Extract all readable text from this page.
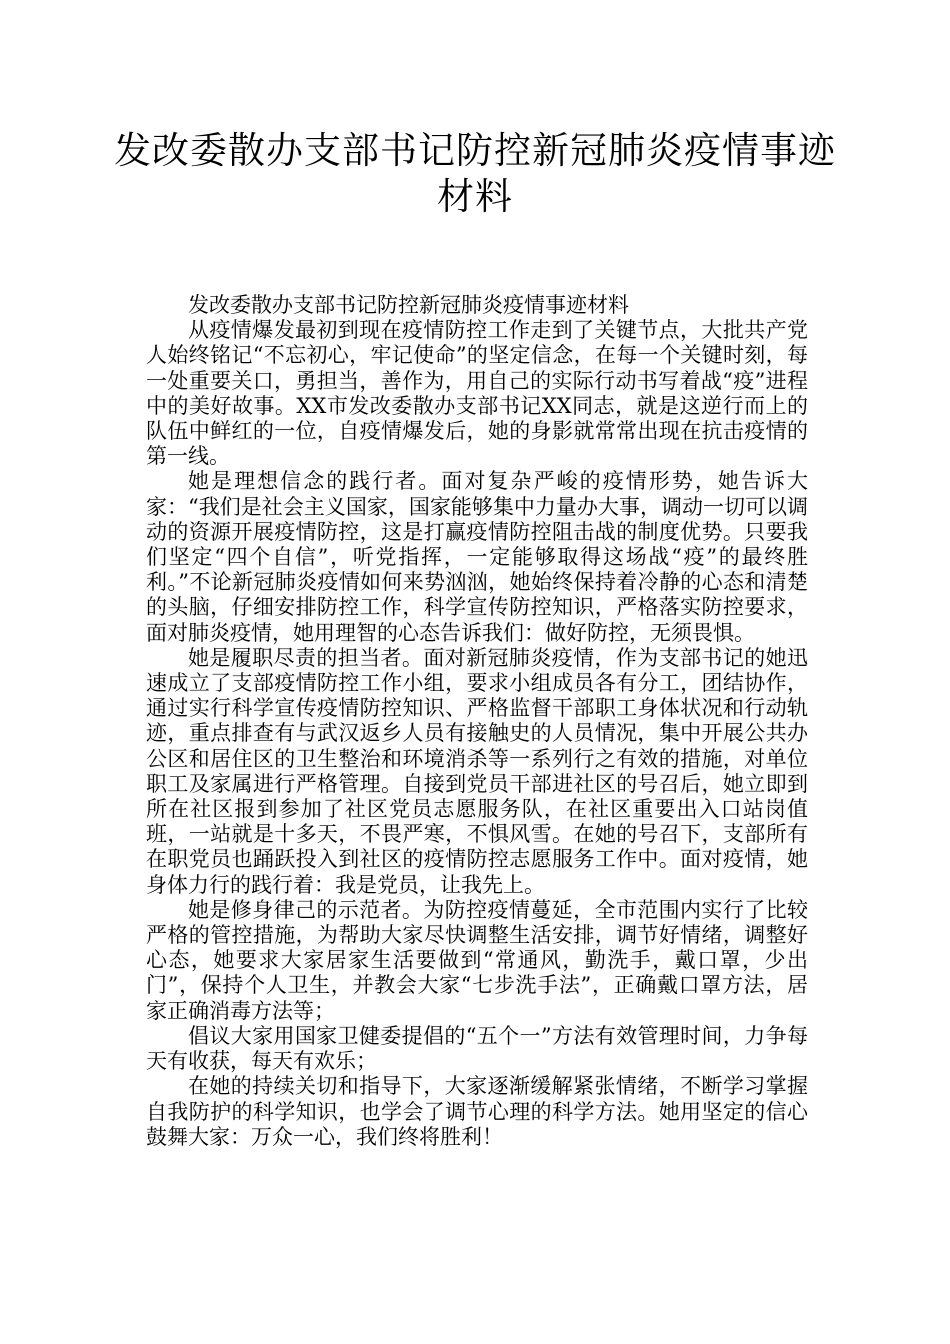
发改委散办支部书记防控新冠肺炎疫情事迹材料

发改委散办支部书记防控新冠肺炎疫情事迹材料

从疫情爆发最初到现在疫情防控工作走到了关键节点，大批共产党人始终铭记“不忘初心，牢记使命”的坚定信念，在每一个关键时刻，每一处重要关口，勇担当，善作为，用自己的实际行动书写着战“疫”进程中的美好故事。XX市发改委散办支部书记XX同志，就是这逆行而上的队伍中鲜红的一位，自疫情爆发后，她的身影就常常出现在抗击疫情的第一线。

她是理想信念的践行者。面对复杂严峻的疫情形势，她告诉大家：“我们是社会主义国家，国家能够集中力量办大事，调动一切可以调动的资源开展疫情防控，这是打赢疫情防控阻击战的制度优势。只要我们坚定“四个自信”，听党指挥，一定能够取得这场战“疫”的最终胜利。”不论新冠肺炎疫情如何来势汹汹，她始终保持着冷静的心态和清楚的头脑，仔细安排防控工作，科学宣传防控知识，严格落实防控要求，面对肺炎疫情，她用理智的心态告诉我们：做好防控，无须畏惧。

她是履职尽责的担当者。面对新冠肺炎疫情，作为支部书记的她迅速成立了支部疫情防控工作小组，要求小组成员各有分工，团结协作，通过实行科学宣传疫情防控知识、严格监督干部职工身体状况和行动轨迹，重点排查有与武汉返乡人员有接触史的人员情况，集中开展公共办公区和居住区的卫生整治和环境消杀等一系列行之有效的措施，对单位职工及家属进行严格管理。自接到党员干部进社区的号召后，她立即到所在社区报到参加了社区党员志愿服务队，在社区重要出入口站岗值班，一站就是十多天，不畏严寒，不惧风雪。在她的号召下，支部所有在职党员也踊跃投入到社区的疫情防控志愿服务工作中。面对疫情，她身体力行的践行着：我是党员，让我先上。

她是修身律己的示范者。为防控疫情蔓延，全市范围内实行了比较严格的管控措施，为帮助大家尽快调整生活安排，调节好情绪，调整好心态，她要求大家居家生活要做到“常通风，勤洗手，戴口罩，少出门”，保持个人卫生，并教会大家“七步洗手法”，正确戴口罩方法，居家正确消毒方法等；

倡议大家用国家卫健委提倡的“五个一”方法有效管理时间，力争每天有收获，每天有欢乐；

在她的持续关切和指导下，大家逐渐缓解紧张情绪，不断学习掌握自我防护的科学知识，也学会了调节心理的科学方法。她用坚定的信心鼓舞大家：万众一心，我们终将胜利！
